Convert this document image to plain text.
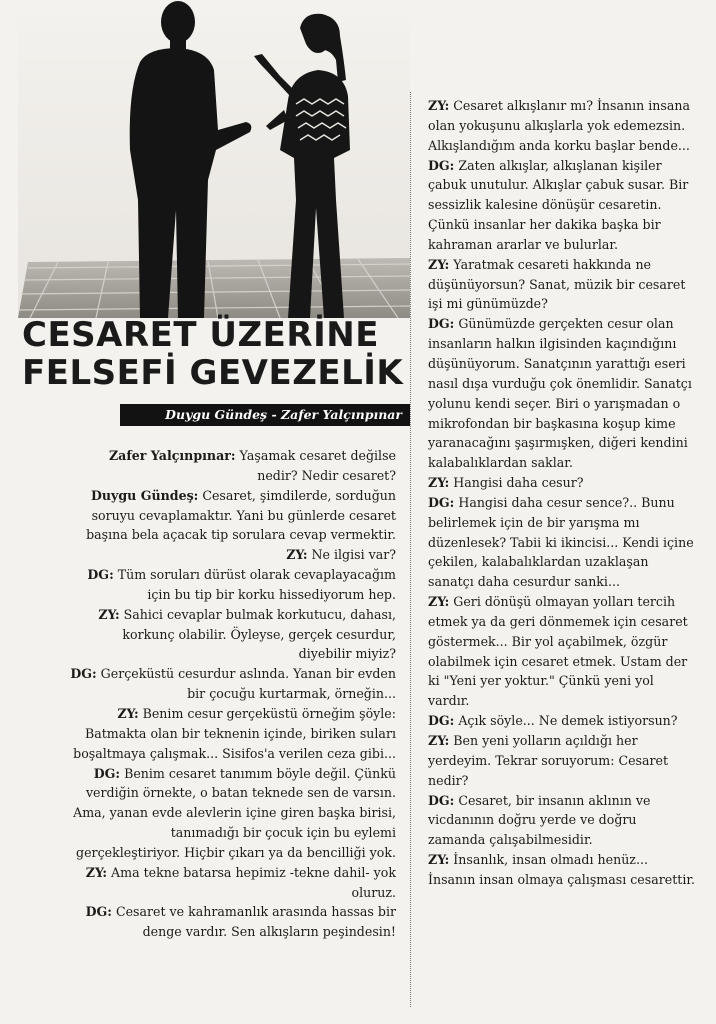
CESARET ÜZERİNE
FELSEFİ GEVEZELİK
Duygu Gündeş - Zafer Yalçınpınar

Zafer Yalçınpınar: Yaşamak cesaret değilse nedir? Nedir cesaret?

Duygu Gündeş: Cesaret, şimdilerde, sorduğun soruyu cevaplamaktır. Yani bu günlerde cesaret başına bela açacak tip sorulara cevap vermektir.

ZY: Ne ilgisi var?

DG: Tüm soruları dürüst olarak cevaplayacağım için bu tip bir korku hissediyorum hep.

ZY: Sahici cevaplar bulmak korkutucu, dahası, korkunç olabilir. Öyleyse, gerçek cesurdur, diyebilir miyiz?

DG: Gerçeküstü cesurdur aslında. Yanan bir evden bir çocuğu kurtarmak, örneğin...

ZY: Benim cesur gerçeküstü örneğim şöyle: Batmakta olan bir teknenin içinde, biriken suları boşaltmaya çalışmak... Sisifos'a verilen ceza gibi...

DG: Benim cesaret tanımım böyle değil. Çünkü verdiğin örnekte, o batan teknede sen de varsın. Ama, yanan evde alevlerin içine giren başka birisi, tanımadığı bir çocuk için bu eylemi gerçekleştiriyor. Hiçbir çıkarı ya da bencilliği yok.

ZY: Ama tekne batarsa hepimiz -tekne dahil- yok oluruz.

DG: Cesaret ve kahramanlık arasında hassas bir denge vardır. Sen alkışların peşindesin!

ZY: Cesaret alkışlanır mı? İnsanın insana olan yokuşunu alkışlarla yok edemezsin. Alkışlandığım anda korku başlar bende...

DG: Zaten alkışlar, alkışlanan kişiler çabuk unutulur. Alkışlar çabuk susar. Bir sessizlik kalesine dönüşür cesaretin. Çünkü insanlar her dakika başka bir kahraman ararlar ve bulurlar.

ZY: Yaratmak cesareti hakkında ne düşünüyorsun? Sanat, müzik bir cesaret işi mi günümüzde?

DG: Günümüzde gerçekten cesur olan insanların halkın ilgisinden kaçındığını düşünüyorum. Sanatçının yarattığı eseri nasıl dışa vurduğu çok önemlidir. Sanatçı yolunu kendi seçer. Biri o yarışmadan o mikrofondan bir başkasına koşup kime yaranacağını şaşırmışken, diğeri kendini kalabalıklardan saklar.

ZY: Hangisi daha cesur?

DG: Hangisi daha cesur sence?.. Bunu belirlemek için de bir yarışma mı düzenlesek? Tabii ki ikincisi... Kendi içine çekilen, kalabalıklardan uzaklaşan sanatçı daha cesurdur sanki...

ZY: Geri dönüşü olmayan yolları tercih etmek ya da geri dönmemek için cesaret göstermek... Bir yol açabilmek, özgür olabilmek için cesaret etmek. Ustam der ki "Yeni yer yoktur." Çünkü yeni yol vardır.

DG: Açık söyle... Ne demek istiyorsun?

ZY: Ben yeni yolların açıldığı her yerdeyim. Tekrar soruyorum: Cesaret nedir?

DG: Cesaret, bir insanın aklının ve vicdanının doğru yerde ve doğru zamanda çalışabilmesidir.

ZY: İnsanlık, insan olmadı henüz... İnsanın insan olmaya çalışması cesarettir.
